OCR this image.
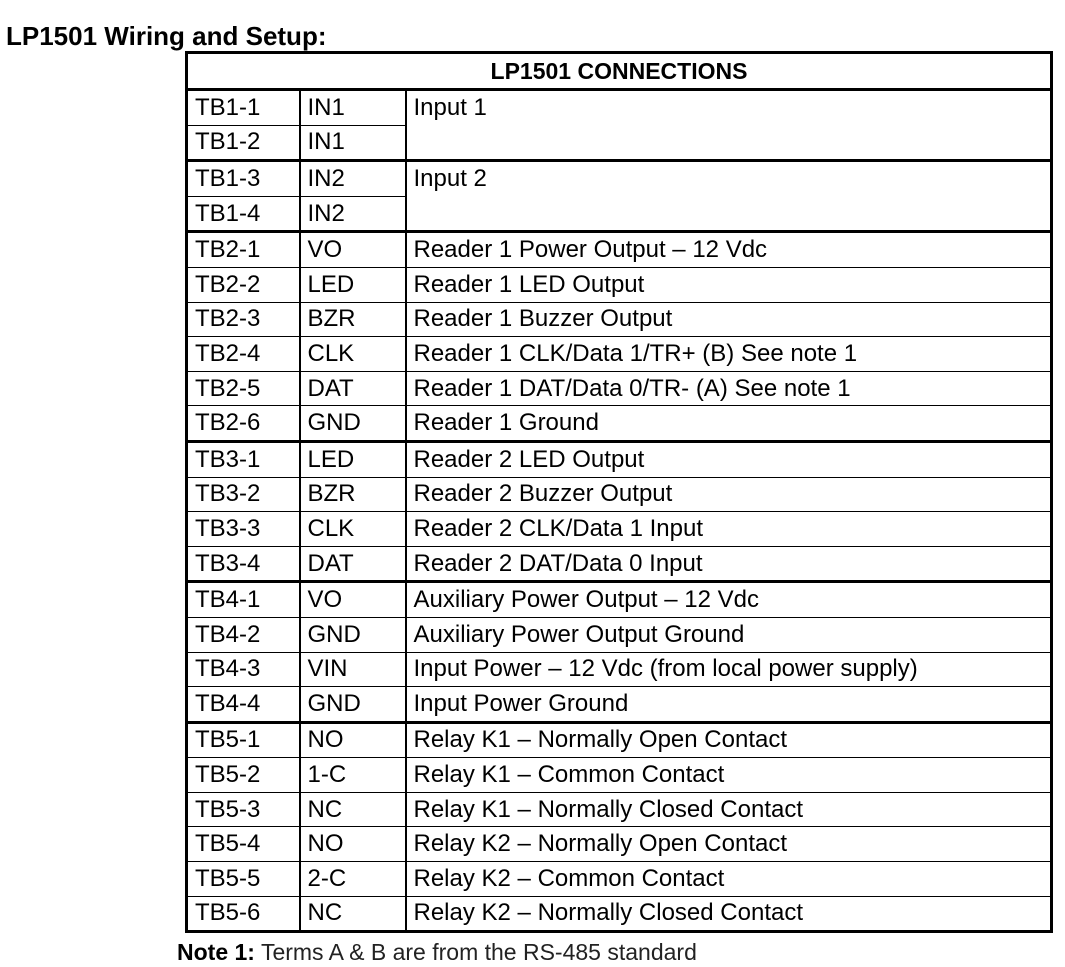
LP1501 Wiring and Setup:
LP1501 CONNECTIONS		
TB1-1	IN1	Input 1
TB1-2	IN1	
TB1-3	IN2	Input 2
TB1-4	IN2	
TB2-1	VO	Reader 1 Power Output – 12 Vdc
TB2-2	LED	Reader 1 LED Output
TB2-3	BZR	Reader 1 Buzzer Output
TB2-4	CLK	Reader 1 CLK/Data 1/TR+ (B) See note 1
TB2-5	DAT	Reader 1 DAT/Data 0/TR- (A) See note 1
TB2-6	GND	Reader 1 Ground
TB3-1	LED	Reader 2 LED Output
TB3-2	BZR	Reader 2 Buzzer Output
TB3-3	CLK	Reader 2 CLK/Data 1 Input
TB3-4	DAT	Reader 2 DAT/Data 0 Input
TB4-1	VO	Auxiliary Power Output – 12 Vdc
TB4-2	GND	Auxiliary Power Output Ground
TB4-3	VIN	Input Power – 12 Vdc (from local power supply)
TB4-4	GND	Input Power Ground
TB5-1	NO	Relay K1 – Normally Open Contact
TB5-2	1-C	Relay K1 – Common Contact
TB5-3	NC	Relay K1 – Normally Closed Contact
TB5-4	NO	Relay K2 – Normally Open Contact
TB5-5	2-C	Relay K2 – Common Contact
TB5-6	NC	Relay K2 – Normally Closed Contact
Note 1: Terms A & B are from the RS-485 standard
